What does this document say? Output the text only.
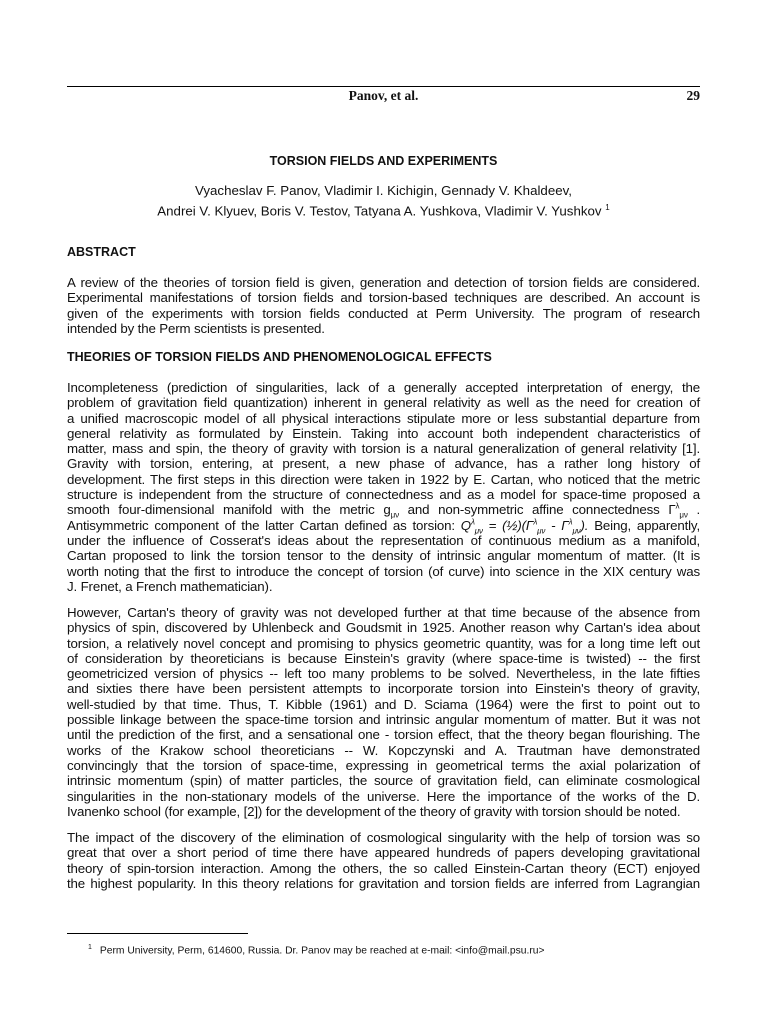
Panov, et al.	29
TORSION FIELDS AND EXPERIMENTS
Vyacheslav F. Panov, Vladimir I. Kichigin, Gennady V. Khaldeev,
Andrei V. Klyuev, Boris V. Testov, Tatyana A. Yushkova, Vladimir V. Yushkov $^1$
ABSTRACT
A review of the theories of torsion field is given, generation and detection of torsion fields are considered.
Experimental manifestations of torsion fields and torsion-based techniques are described. An account is
given of the experiments with torsion fields conducted at Perm University. The program of research
intended by the Perm scientists is presented.
THEORIES OF TORSION FIELDS AND PHENOMENOLOGICAL EFFECTS
Incompleteness (prediction of singularities, lack of a generally accepted interpretation of energy, the
problem of gravitation field quantization) inherent in general relativity as well as the need for creation of
a unified macroscopic model of all physical interactions stipulate more or less substantial departure from
general relativity as formulated by Einstein. Taking into account both independent characteristics of
matter, mass and spin, the theory of gravity with torsion is a natural generalization of general relativity [1].
Gravity with torsion, entering, at present, a new phase of advance, has a rather long history of
development. The first steps in this direction were taken in 1922 by E. Cartan, who noticed that the metric
structure is independent from the structure of connectedness and as a model for space-time proposed a
smooth four-dimensional manifold with the metric $g_{\mu\nu}$ and non-symmetric affine connectedness $\Gamma^\lambda_{\mu\nu}$ .
Antisymmetric component of the latter Cartan defined as torsion: $Q^\lambda_{\mu\nu}$ = $(\frac{1}{2})(\Gamma^\lambda_{\mu\nu} - \Gamma^\lambda_{\mu\nu})$. Being, apparently,
under the influence of Cosserat's ideas about the representation of continuous medium as a manifold,
Cartan proposed to link the torsion tensor to the density of intrinsic angular momentum of matter. (It is
worth noting that the first to introduce the concept of torsion (of curve) into science in the XIX century was
J. Frenet, a French mathematician).
However, Cartan's theory of gravity was not developed further at that time because of the absence from
physics of spin, discovered by Uhlenbeck and Goudsmit in 1925. Another reason why Cartan's idea about
torsion, a relatively novel concept and promising to physics geometric quantity, was for a long time left out
of consideration by theoreticians is because Einstein's gravity (where space-time is twisted) -- the first
geometricized version of physics -- left too many problems to be solved. Nevertheless, in the late fifties
and sixties there have been persistent attempts to incorporate torsion into Einstein's theory of gravity,
well-studied by that time. Thus, T. Kibble (1961) and D. Sciama (1964) were the first to point out to
possible linkage between the space-time torsion and intrinsic angular momentum of matter. But it was not
until the prediction of the first, and a sensational one - torsion effect, that the theory began flourishing. The
works of the Krakow school theoreticians -- W. Kopczynski and A. Trautman have demonstrated
convincingly that the torsion of space-time, expressing in geometrical terms the axial polarization of
intrinsic momentum (spin) of matter particles, the source of gravitation field, can eliminate cosmological
singularities in the non-stationary models of the universe. Here the importance of the works of the D.
Ivanenko school (for example, [2]) for the development of the theory of gravity with torsion should be noted.
The impact of the discovery of the elimination of cosmological singularity with the help of torsion was so
great that over a short period of time there have appeared hundreds of papers developing gravitational
theory of spin-torsion interaction. Among the others, the so called Einstein-Cartan theory (ECT) enjoyed
the highest popularity. In this theory relations for gravitation and torsion fields are inferred from Lagrangian
$^1$ Perm University, Perm, 614600, Russia. Dr. Panov may be reached at e-mail: <info@mail.psu.ru>
